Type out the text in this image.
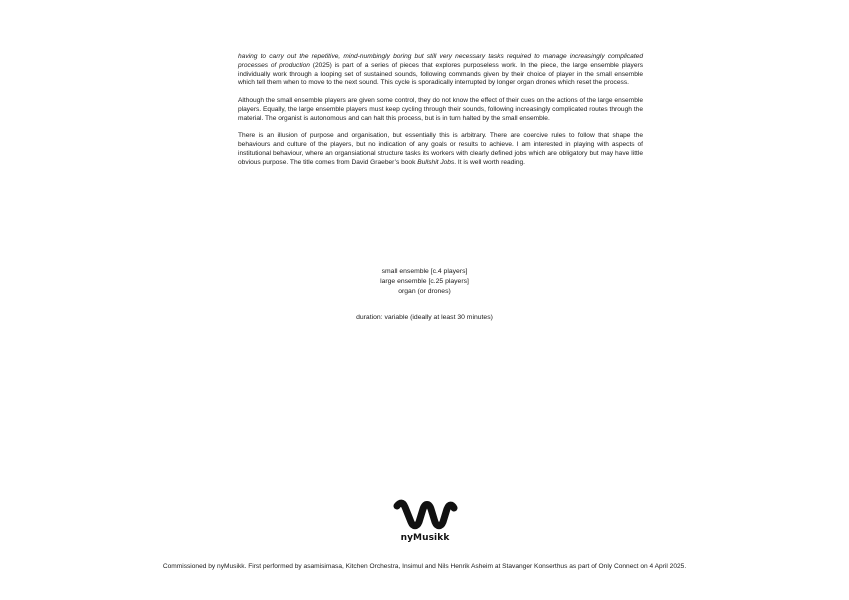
having to carry out the repetitive, mind-numbingly boring but still very necessary tasks required to manage increasingly complicated processes of production (2025) is part of a series of pieces that explores purposeless work. In the piece, the large ensemble players individually work through a looping set of sustained sounds, following commands given by their choice of player in the small ensemble which tell them when to move to the next sound. This cycle is sporadically interrupted by longer organ drones which reset the process.

Although the small ensemble players are given some control, they do not know the effect of their cues on the actions of the large ensemble players. Equally, the large ensemble players must keep cycling through their sounds, following increasingly complicated routes through the material. The organist is autonomous and can halt this process, but is in turn halted by the small ensemble.

There is an illusion of purpose and organisation, but essentially this is arbitrary. There are coercive rules to follow that shape the behaviours and culture of the players, but no indication of any goals or results to achieve. I am interested in playing with aspects of institutional behaviour, where an organsiational structure tasks its workers with clearly defined jobs which are obligatory but may have little obvious purpose. The title comes from David Graeber’s book Bullshit Jobs. It is well worth reading.

small ensemble [c.4 players]
large ensemble [c.25 players]
organ (or drones)
duration: variable (ideally at least 30 minutes)
nyMusikk
Commissioned by nyMusikk. First performed by asamisimasa, Kitchen Orchestra, Insimul and Nils Henrik Asheim at Stavanger Konserthus as part of Only Connect on 4 April 2025.
